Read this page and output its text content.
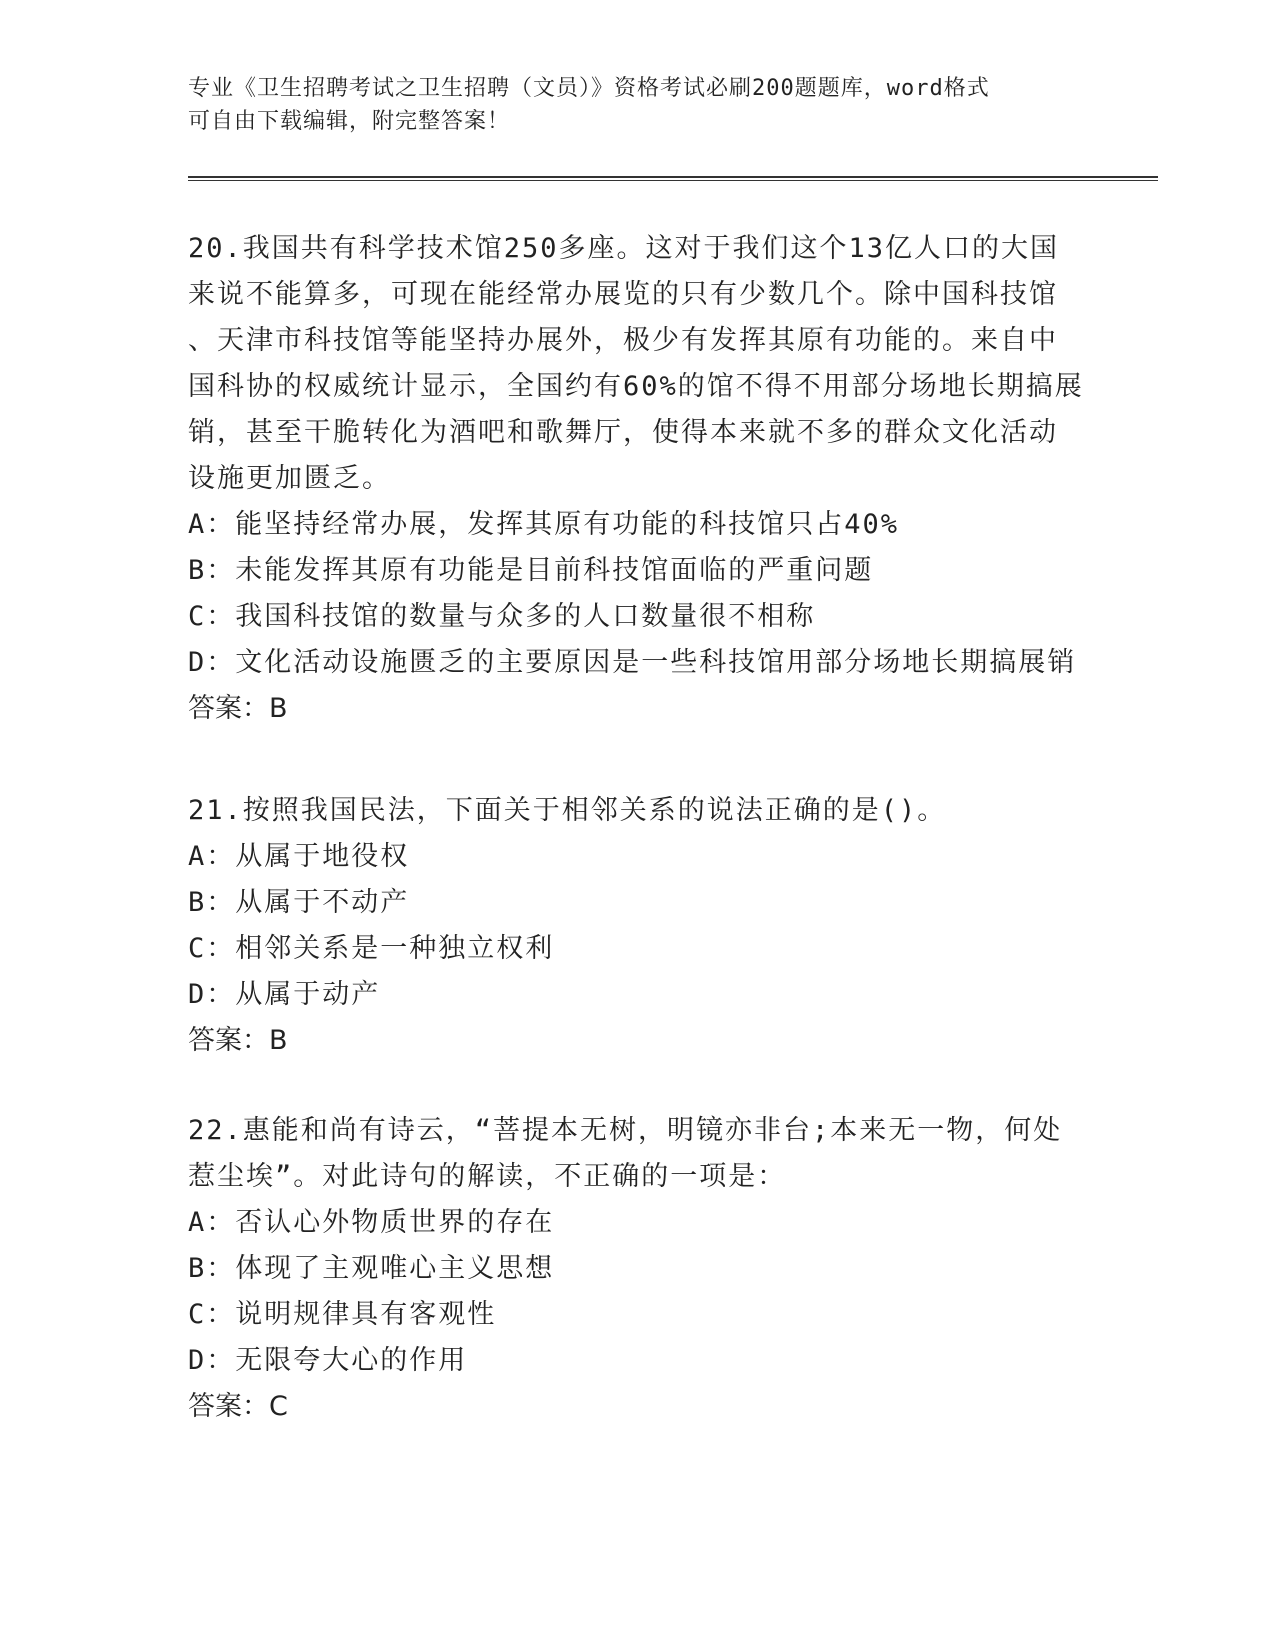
专业《卫生招聘考试之卫生招聘（文员）》资格考试必刷200题题库，word格式
可自由下载编辑，附完整答案！

20.我国共有科学技术馆250多座。这对于我们这个13亿人口的大国

来说不能算多，可现在能经常办展览的只有少数几个。除中国科技馆

、天津市科技馆等能坚持办展外，极少有发挥其原有功能的。来自中

国科协的权威统计显示，全国约有60%的馆不得不用部分场地长期搞展

销，甚至干脆转化为酒吧和歌舞厅，使得本来就不多的群众文化活动

设施更加匮乏。

A：能坚持经常办展，发挥其原有功能的科技馆只占40%

B：未能发挥其原有功能是目前科技馆面临的严重问题

C：我国科技馆的数量与众多的人口数量很不相称

D：文化活动设施匮乏的主要原因是一些科技馆用部分场地长期搞展销

答案：B

21.按照我国民法，下面关于相邻关系的说法正确的是()。

A：从属于地役权

B：从属于不动产

C：相邻关系是一种独立权利

D：从属于动产

答案：B

22.惠能和尚有诗云，“菩提本无树，明镜亦非台;本来无一物，何处

惹尘埃”。对此诗句的解读，不正确的一项是：

A：否认心外物质世界的存在

B：体现了主观唯心主义思想

C：说明规律具有客观性

D：无限夸大心的作用

答案：C
